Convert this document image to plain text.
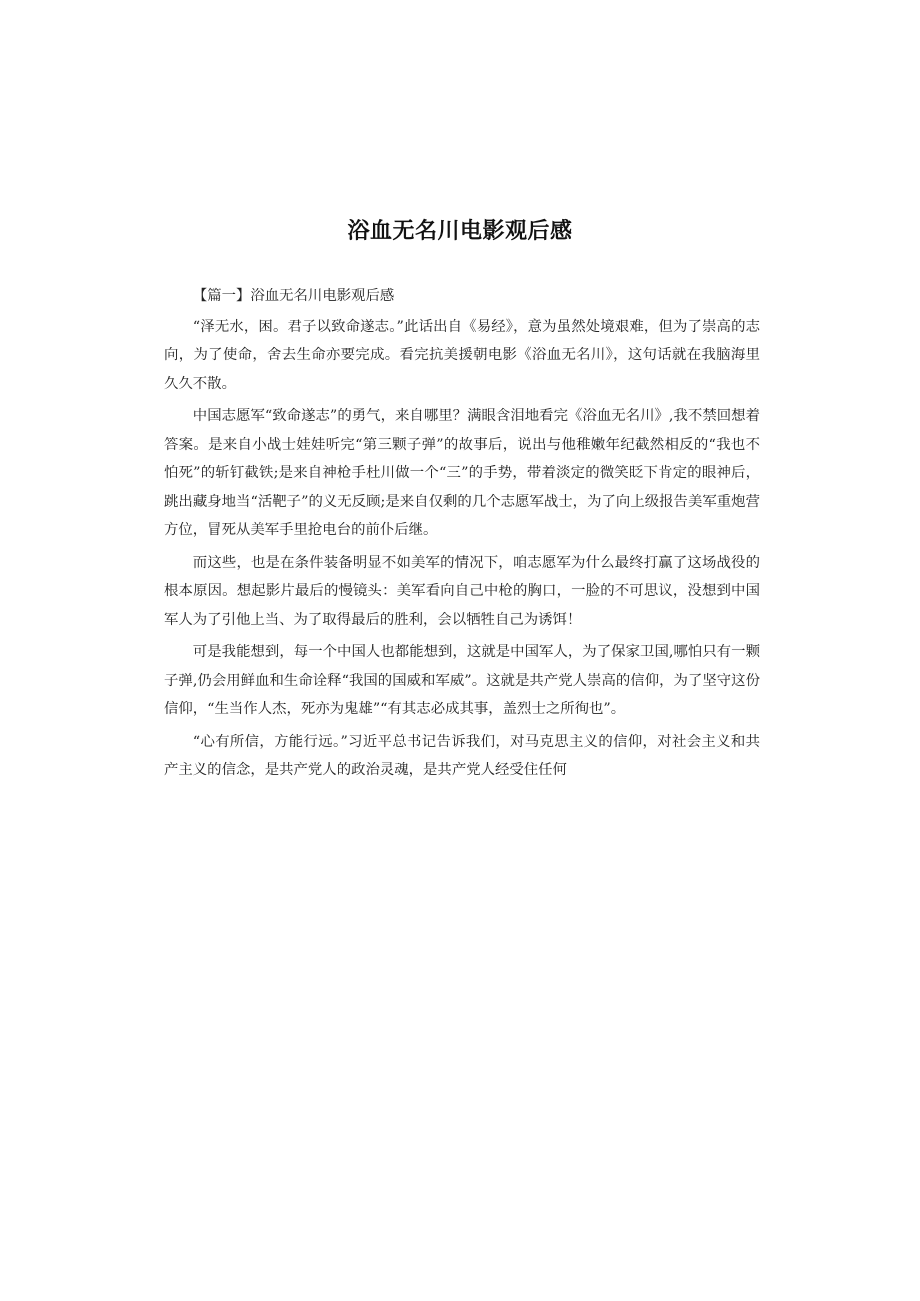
浴血无名川电影观后感

【篇一】浴血无名川电影观后感

“泽无水，困。君子以致命遂志。”此话出自《易经》，意为虽然处境艰难，但为了崇高的志向，为了使命，舍去生命亦要完成。看完抗美援朝电影《浴血无名川》，这句话就在我脑海里久久不散。

中国志愿军“致命遂志”的勇气，来自哪里？满眼含泪地看完《浴血无名川》,我不禁回想着答案。是来自小战士娃娃听完“第三颗子弹”的故事后，说出与他稚嫩年纪截然相反的“我也不怕死”的斩钉截铁;是来自神枪手杜川做一个“三”的手势，带着淡定的微笑眨下肯定的眼神后，跳出藏身地当“活靶子”的义无反顾;是来自仅剩的几个志愿军战士，为了向上级报告美军重炮营方位，冒死从美军手里抢电台的前仆后继。

而这些，也是在条件装备明显不如美军的情况下，咱志愿军为什么最终打赢了这场战役的根本原因。想起影片最后的慢镜头：美军看向自己中枪的胸口，一脸的不可思议，没想到中国军人为了引他上当、为了取得最后的胜利，会以牺牲自己为诱饵！

可是我能想到，每一个中国人也都能想到，这就是中国军人，为了保家卫国,哪怕只有一颗子弹,仍会用鲜血和生命诠释“我国的国威和军威”。这就是共产党人崇高的信仰，为了坚守这份信仰，“生当作人杰，死亦为鬼雄”“有其志必成其事，盖烈士之所徇也”。

“心有所信，方能行远。”习近平总书记告诉我们，对马克思主义的信仰，对社会主义和共产主义的信念，是共产党人的政治灵魂，是共产党人经受住任何
